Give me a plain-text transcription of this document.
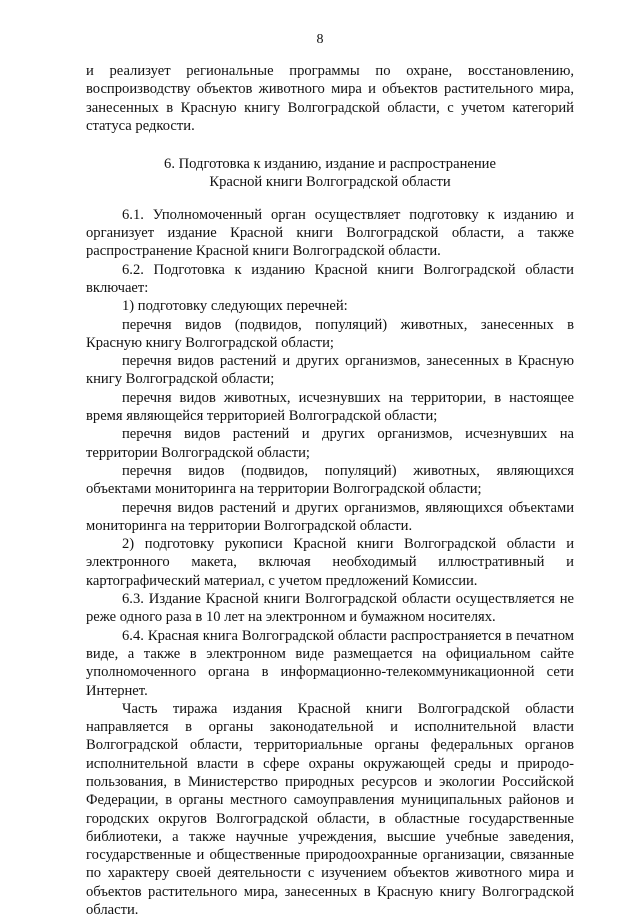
8

и реализует региональные программы по охране, восстановлению, воспроизводству объектов животного мира и объектов растительного мира, занесенных в Красную книгу Волгоградской области, с учетом категорий статуса редкости.

6. Подготовка к изданию, издание и распространение
Красной книги Волгоградской области

6.1. Уполномоченный орган осуществляет подготовку к изданию и организует издание Красной книги Волгоградской области, а также распространение Красной книги Волгоградской области.

6.2. Подготовка к изданию Красной книги Волгоградской области включает:

1) подготовку следующих перечней:

перечня видов (подвидов, популяций) животных, занесенных в Красную книгу Волгоградской области;

перечня видов растений и других организмов, занесенных в Красную книгу Волгоградской области;

перечня видов животных, исчезнувших на территории, в настоящее время являющейся территорией Волгоградской области;

перечня видов растений и других организмов, исчезнувших на территории Волгоградской области;

перечня видов (подвидов, популяций) животных, являющихся объектами мониторинга на территории Волгоградской области;

перечня видов растений и других организмов, являющихся объектами мониторинга на территории Волгоградской области.

2) подготовку рукописи Красной книги Волгоградской области и электронного макета, включая необходимый иллюстративный и картографический материал, с учетом предложений Комиссии.

6.3. Издание Красной книги Волгоградской области осуществляется не реже одного раза в 10 лет на электронном и бумажном носителях.

6.4. Красная книга Волгоградской области распространяется в печатном виде, а также в электронном виде размещается на официальном сайте уполномоченного органа в информационно-телекоммуникационной сети Интернет.

Часть тиража издания Красной книги Волгоградской области направляется в органы законодательной и исполнительной власти Волгоградской области, территориальные органы федеральных органов исполнительной власти в сфере охраны окружающей среды и природо-пользования, в Министерство природных ресурсов и экологии Российской Федерации, в органы местного самоуправления муниципальных районов и городских округов Волгоградской области, в областные государственные библиотеки, а также научные учреждения, высшие учебные заведения, государственные и общественные природоохранные организации, связанные по характеру своей деятельности с изучением объектов животного мира и объектов растительного мира, занесенных в Красную книгу Волгоградской области.
